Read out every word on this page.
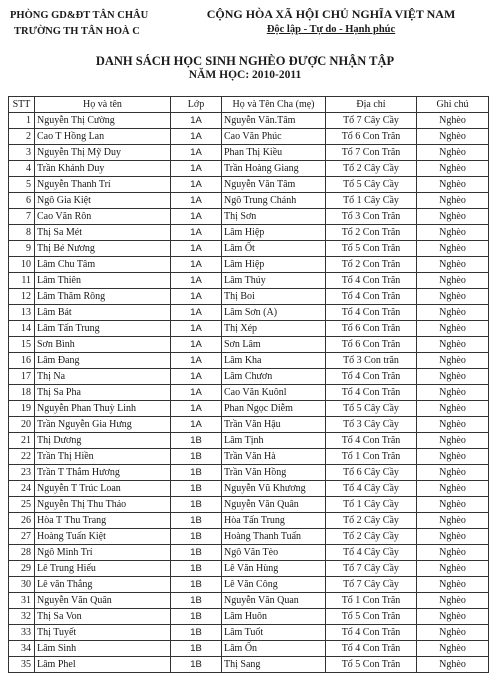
PHÒNG GD&ĐT TÂN CHÂU
TRƯỜNG TH TÂN HOÀ C
CỘNG HÒA XÃ HỘI CHỦ NGHĨA VIỆT NAM
Độc lập - Tự do - Hạnh phúc
DANH SÁCH HỌC SINH NGHÈO ĐƯỢC NHẬN TẬP
NĂM HỌC: 2010-2011
STT	Họ và tên	Lớp	Họ và Tên Cha (mẹ)	Địa chỉ	Ghi chú
1	Nguyễn Thị Cường	1A	Nguyễn Văn.Tâm	Tổ 7 Cây Cầy	Nghèo
2	Cao T Hồng Lan	1A	Cao Văn Phúc	Tổ 6 Con Trăn	Nghèo
3	Nguyễn Thị Mỹ Duy	1A	Phan Thị Kiều	Tổ 7 Con Trăn	Nghèo
4	Trần Khánh Duy	1A	Trần Hoàng Giang	Tổ 2 Cây Cầy	Nghèo
5	Nguyễn Thanh Trí	1A	Nguyễn Văn Tâm	Tổ 5 Cây Cầy	Nghèo
6	Ngô Gia Kiệt	1A	Ngô Trung Chánh	Tổ 1 Cây Cầy	Nghèo
7	Cao Văn Rôn	1A	Thị Sơn	Tổ 3 Con Trăn	Nghèo
8	Thị Sa Mét	1A	Lâm Hiệp	Tổ 2 Con Trăn	Nghèo
9	Thị Bé Nương	1A	Lâm Ốt	Tổ 5 Con Trăn	Nghèo
10	Lâm Chu Tâm	1A	Lâm Hiệp	Tổ 2 Con Trăn	Nghèo
11	Lâm Thiên	1A	Lâm Thúy	Tổ 4 Con Trăn	Nghèo
12	Lâm Thăm Rông	1A	Thị Boi	Tổ 4 Con Trăn	Nghèo
13	Lâm Bát	1A	Lâm Sơn (A)	Tổ 4 Con Trăn	Nghèo
14	Lâm Tấn Trung	1A	Thị Xép	Tổ 6 Con Trăn	Nghèo
15	Sơn Bình	1A	Sơn Lâm	Tổ 6 Con Trăn	Nghèo
16	Lâm Đang	1A	Lâm Kha	Tổ 3 Con trăn	Nghèo
17	Thị Na	1A	Lâm Chươn	Tổ 4 Con Trăn	Nghèo
18	Thị Sa Pha	1A	Cao Văn Kuônl	Tổ 4 Con Trăn	Nghèo
19	Nguyễn Phan Thuỳ Linh	1A	Phan Ngọc Diễm	Tổ 5 Cây Cầy	Nghèo
20	Trần Nguyễn Gia Hưng	1A	Trần Văn Hậu	Tổ 3 Cây Cầy	Nghèo
21	Thị Dương	1B	Lâm Tịnh	Tổ 4 Con Trăn	Nghèo
22	Trần Thị Hiền	1B	Trần Văn Hà	Tổ 1 Con Trăn	Nghèo
23	Trần T Thắm Hương	1B	Trần Văn Hồng	Tổ 6 Cây Cầy	Nghèo
24	Nguyễn T Trúc Loan	1B	Nguyễn Vũ Khương	Tổ 4 Cây Cầy	Nghèo
25	Nguyễn Thị Thu Thảo	1B	Nguyễn Văn Quân	Tổ 1 Cây Cầy	Nghèo
26	Hòa T Thu Trang	1B	Hòa Tấn Trung	Tổ 2 Cây Cầy	Nghèo
27	Hoàng Tuấn Kiệt	1B	Hoàng Thanh Tuấn	Tổ 2 Cây Cầy	Nghèo
28	Ngô Minh Trí	1B	Ngô Văn Tèo	Tổ 4 Cây Cầy	Nghèo
29	Lê Trung Hiếu	1B	Lê Văn Hùng	Tổ 7 Cây Cầy	Nghèo
30	Lê văn Thắng	1B	Lê Văn Công	Tổ 7 Cây Cầy	Nghèo
31	Nguyễn Văn Quân	1B	Nguyễn Văn Quan	Tổ 1 Con Trăn	Nghèo
32	Thị Sa Von	1B	Lâm Huôn	Tổ 5 Con Trăn	Nghèo
33	Thị Tuyết	1B	Lâm Tuốt	Tổ 4 Con Trăn	Nghèo
34	Lâm Sinh	1B	Lâm Ốn	Tổ 4 Con Trăn	Nghèo
35	Lâm Phel	1B	Thị Sang	Tổ 5 Con Trăn	Nghèo
